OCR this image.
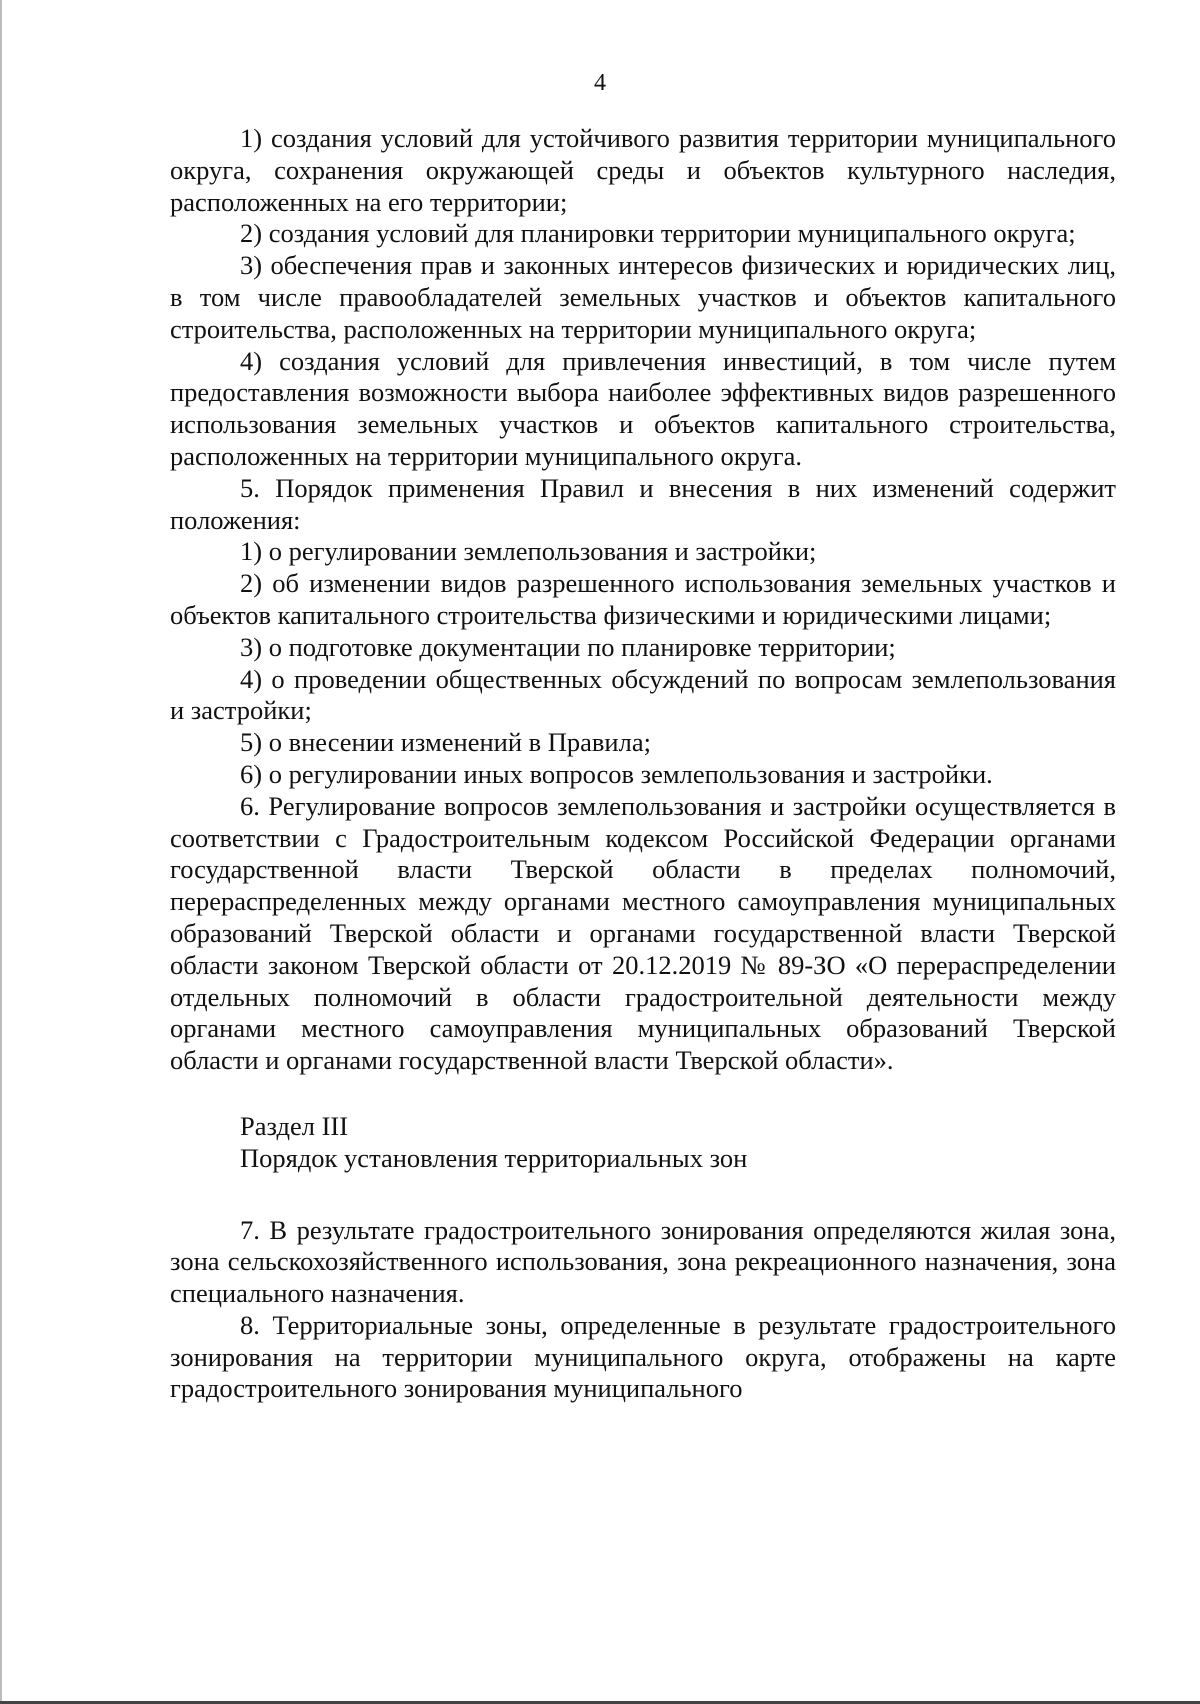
4

1) создания условий для устойчивого развития территории муниципального округа, сохранения окружающей среды и объектов культурного наследия, расположенных на его территории;

2) создания условий для планировки территории муниципального округа;

3) обеспечения прав и законных интересов физических и юридических лиц, в том числе правообладателей земельных участков и объектов капитального строительства, расположенных на территории муниципального округа;

4) создания условий для привлечения инвестиций, в том числе путем предоставления возможности выбора наиболее эффективных видов разрешенного использования земельных участков и объектов капитального строительства, расположенных на территории муниципального округа.

5. Порядок применения Правил и внесения в них изменений содержит положения:

1) о регулировании землепользования и застройки;

2) об изменении видов разрешенного использования земельных участков и объектов капитального строительства физическими и юридическими лицами;

3) о подготовке документации по планировке территории;

4) о проведении общественных обсуждений по вопросам землепользования и застройки;

5) о внесении изменений в Правила;

6) о регулировании иных вопросов землепользования и застройки.

6. Регулирование вопросов землепользования и застройки осуществляется в соответствии с Градостроительным кодексом Российской Федерации органами государственной власти Тверской области в пределах полномочий, перераспределенных между органами местного самоуправления муниципальных образований Тверской области и органами государственной власти Тверской области законом Тверской области от 20.12.2019 № 89-ЗО «О перераспределении отдельных полномочий в области градостроительной деятельности между органами местного самоуправления муниципальных образований Тверской области и органами государственной власти Тверской области».

Раздел III

Порядок установления территориальных зон

7. В результате градостроительного зонирования определяются жилая зона, зона сельскохозяйственного использования, зона рекреационного назначения, зона специального назначения.

8. Территориальные зоны, определенные в результате градостроительного зонирования на территории муниципального округа, отображены на карте градостроительного зонирования муниципального
